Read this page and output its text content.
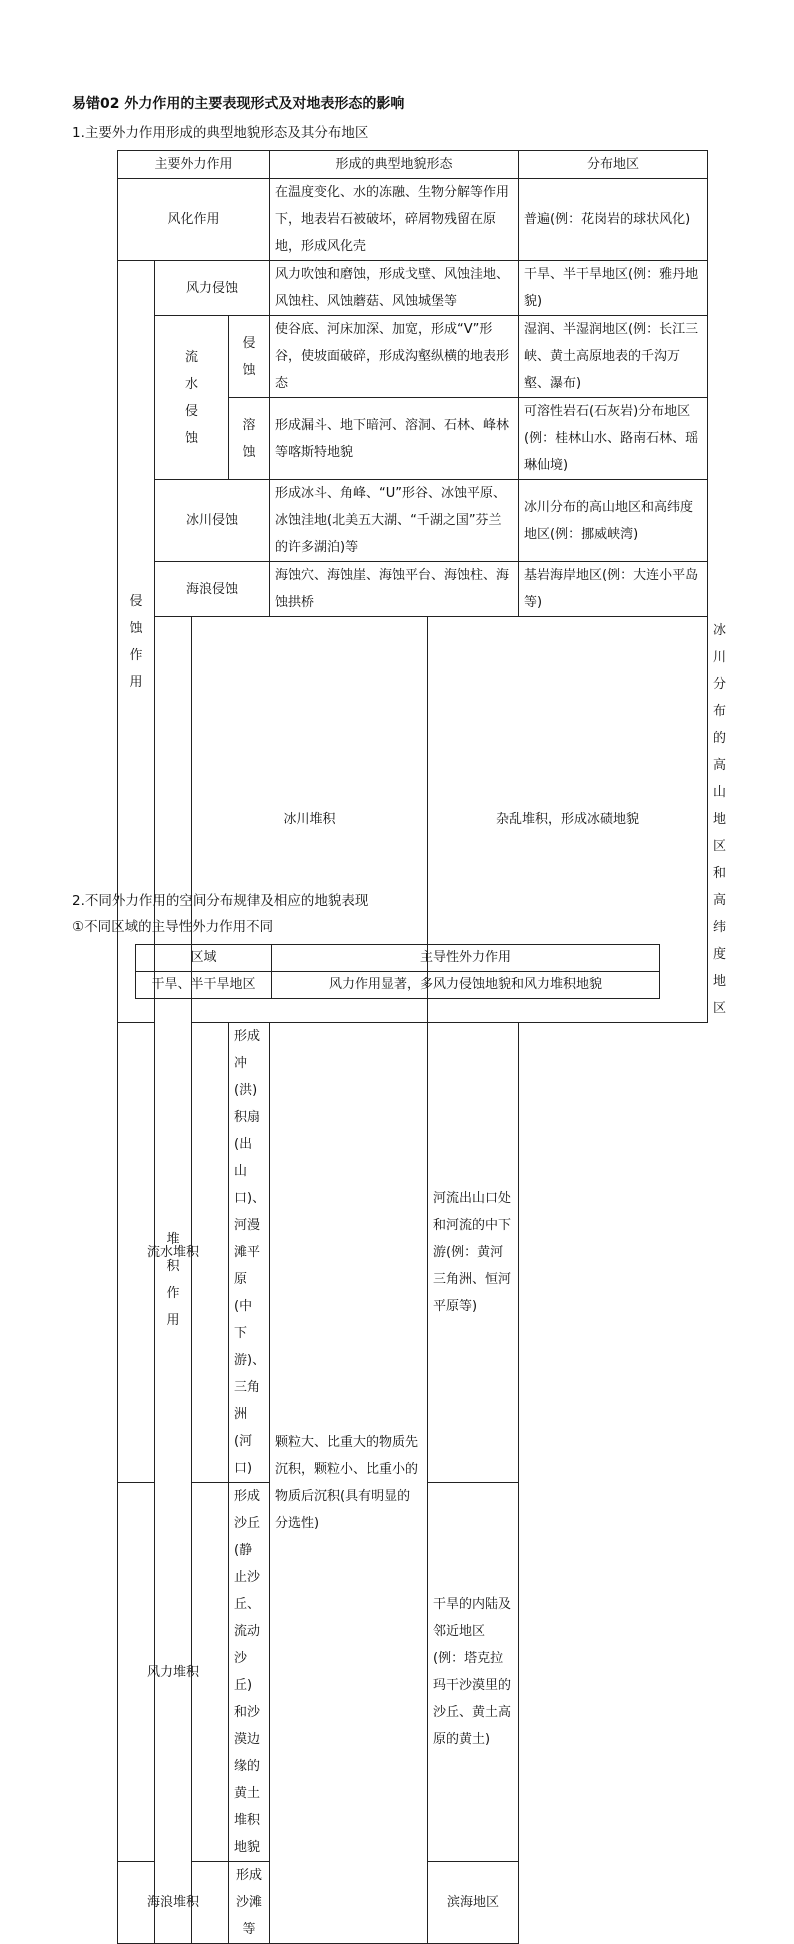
易错02 外力作用的主要表现形式及对地表形态的影响
1.主要外力作用形成的典型地貌形态及其分布地区
主要外力作用				形成的典型地貌形态		分布地区	
风化作用				在温度变化、水的冻融、生物分解等作用下，地表岩石被破坏，碎屑物残留在原地，形成风化壳		普遍(例：花岗岩的球状风化)	
侵蚀作用	风力侵蚀			风力吹蚀和磨蚀，形成戈壁、风蚀洼地、风蚀柱、风蚀蘑菇、风蚀城堡等		干旱、半干旱地区(例：雅丹地貌)	
	流水侵蚀		侵蚀	使谷底、河床加深、加宽，形成“V”形谷，使坡面破碎，形成沟壑纵横的地表形态		湿润、半湿润地区(例：长江三峡、黄土高原地表的千沟万壑、瀑布)	
			溶蚀	形成漏斗、地下暗河、溶洞、石林、峰林等喀斯特地貌		可溶性岩石(石灰岩)分布地区(例：桂林山水、路南石林、瑶琳仙境)	
	冰川侵蚀			形成冰斗、角峰、“U”形谷、冰蚀平原、冰蚀洼地(北美五大湖、“千湖之国”芬兰的许多湖泊)等		冰川分布的高山地区和高纬度地区(例：挪威峡湾)	
	海浪侵蚀			海蚀穴、海蚀崖、海蚀平台、海蚀柱、海蚀拱桥		基岩海岸地区(例：大连小平岛等)	
	堆积作用	冰川堆积			杂乱堆积，形成冰碛地貌		冰川分布的高山地区和高纬度地区
流水堆积			形成冲(洪)积扇(出山口)、河漫滩平原(中下游)、三角洲(河口)	颗粒大、比重大的物质先沉积，颗粒小、比重小的物质后沉积(具有明显的分选性)	河流出山口处和河流的中下游(例：黄河三角洲、恒河平原等)		
风力堆积			形成沙丘(静止沙丘、流动沙丘)和沙漠边缘的黄土堆积地貌		干旱的内陆及邻近地区(例：塔克拉玛干沙漠里的沙丘、黄土高原的黄土)		
海浪堆积			形成沙滩等		滨海地区		
2.不同外力作用的空间分布规律及相应的地貌表现
①不同区域的主导性外力作用不同
区域	主导性外力作用
干旱、半干旱地区	风力作用显著，多风力侵蚀地貌和风力堆积地貌
